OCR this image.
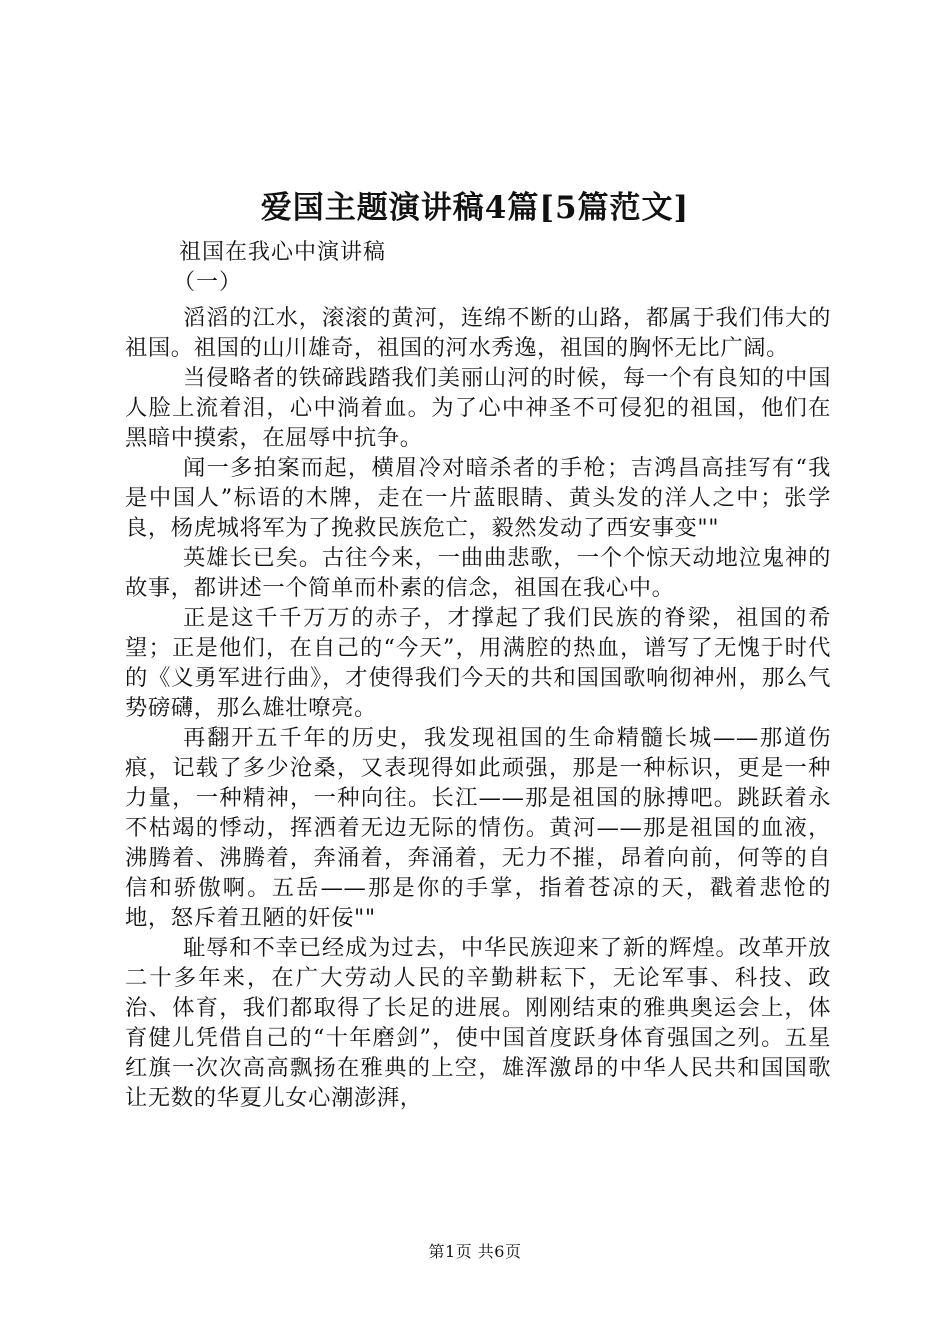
爱国主题演讲稿4篇[5篇范文]

祖国在我心中演讲稿

（一）

滔滔的江水，滚滚的黄河，连绵不断的山路，都属于我们伟大的祖国。祖国的山川雄奇，祖国的河水秀逸，祖国的胸怀无比广阔。

当侵略者的铁碲践踏我们美丽山河的时候，每一个有良知的中国人脸上流着泪，心中淌着血。为了心中神圣不可侵犯的祖国，他们在黑暗中摸索，在屈辱中抗争。

闻一多拍案而起，横眉冷对暗杀者的手枪；吉鸿昌高挂写有“我是中国人”标语的木牌，走在一片蓝眼睛、黄头发的洋人之中；张学良，杨虎城将军为了挽救民族危亡，毅然发动了西安事变""

英雄长已矣。古往今来，一曲曲悲歌，一个个惊天动地泣鬼神的故事，都讲述一个简单而朴素的信念，祖国在我心中。

正是这千千万万的赤子，才撑起了我们民族的脊梁，祖国的希望；正是他们，在自己的“今天”，用满腔的热血，谱写了无愧于时代的《义勇军进行曲》，才使得我们今天的共和国国歌响彻神州，那么气势磅礴，那么雄壮嘹亮。

再翻开五千年的历史，我发现祖国的生命精髓长城——那道伤痕，记载了多少沧桑，又表现得如此顽强，那是一种标识，更是一种力量，一种精神，一种向往。长江——那是祖国的脉搏吧。跳跃着永不枯竭的悸动，挥洒着无边无际的情伤。黄河——那是祖国的血液，沸腾着、沸腾着，奔涌着，奔涌着，无力不摧，昂着向前，何等的自信和骄傲啊。五岳——那是你的手掌，指着苍凉的天，戳着悲怆的地，怒斥着丑陋的奸佞""

耻辱和不幸已经成为过去，中华民族迎来了新的辉煌。改革开放二十多年来，在广大劳动人民的辛勤耕耘下，无论军事、科技、政治、体育，我们都取得了长足的进展。刚刚结束的雅典奥运会上，体育健儿凭借自己的“十年磨剑”，使中国首度跃身体育强国之列。五星红旗一次次高高飘扬在雅典的上空，雄浑激昂的中华人民共和国国歌让无数的华夏儿女心潮澎湃，

第1页 共6页
